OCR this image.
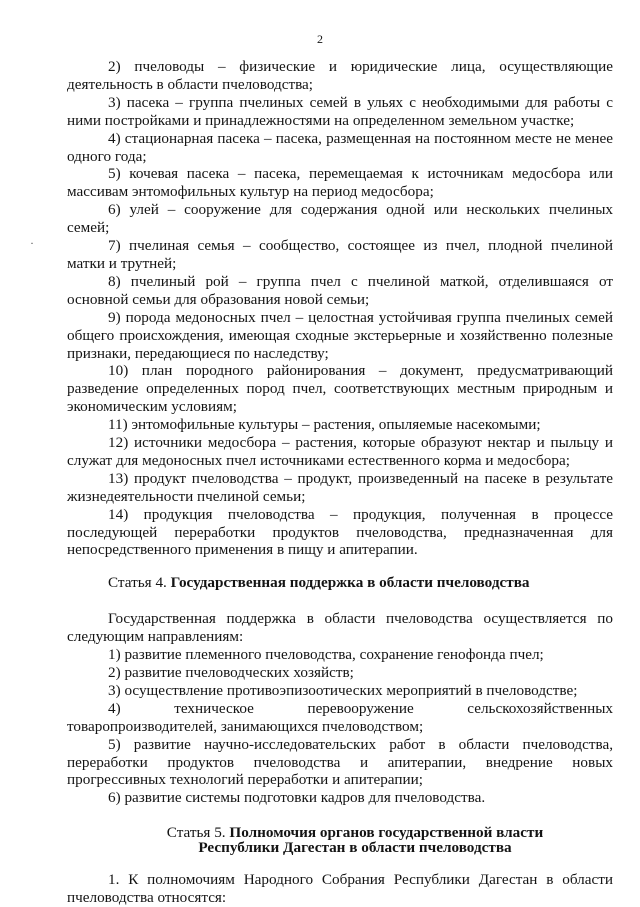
2

2) пчеловоды – физические и юридические лица, осуществляющие деятельность в области пчеловодства;

3) пасека – группа пчелиных семей в ульях с необходимыми для работы с ними постройками и принадлежностями на определенном земельном участке;

4) стационарная пасека – пасека, размещенная на постоянном месте не менее одного года;

5) кочевая пасека – пасека, перемещаемая к источникам медосбора или массивам энтомофильных культур на период медосбора;

6) улей – сооружение для содержания одной или нескольких пчелиных семей;

7) пчелиная семья – сообщество, состоящее из пчел, плодной пчелиной матки и трутней;

8) пчелиный рой – группа пчел с пчелиной маткой, отделившаяся от основной семьи для образования новой семьи;

9) порода медоносных пчел – целостная устойчивая группа пчелиных семей общего происхождения, имеющая сходные экстерьерные и хозяйственно полезные признаки, передающиеся по наследству;

10) план породного районирования – документ, предусматривающий разведение определенных пород пчел, соответствующих местным природным и экономическим условиям;

11) энтомофильные культуры – растения, опыляемые насекомыми;

12) источники медосбора – растения, которые образуют нектар и пыльцу и служат для медоносных пчел источниками естественного корма и медосбора;

13) продукт пчеловодства – продукт, произведенный на пасеке в результате жизнедеятельности пчелиной семьи;

14) продукция пчеловодства – продукция, полученная в процессе последующей переработки продуктов пчеловодства, предназначенная для непосредственного применения в пищу и апитерапии.

Статья 4. Государственная поддержка в области пчеловодства

Государственная поддержка в области пчеловодства осуществляется по следующим направлениям:

1) развитие племенного пчеловодства, сохранение генофонда пчел;

2) развитие пчеловодческих хозяйств;

3) осуществление противоэпизоотических мероприятий в пчеловодстве;

4) техническое перевооружение сельскохозяйственных товаропроизводителей, занимающихся пчеловодством;

5) развитие научно-исследовательских работ в области пчеловодства, переработки продуктов пчеловодства и апитерапии, внедрение новых прогрессивных технологий переработки и апитерапии;

6) развитие системы подготовки кадров для пчеловодства.

Статья 5. Полномочия органов государственной власти
Республики Дагестан в области пчеловодства

1. К полномочиям Народного Собрания Республики Дагестан в области пчеловодства относятся:

·
